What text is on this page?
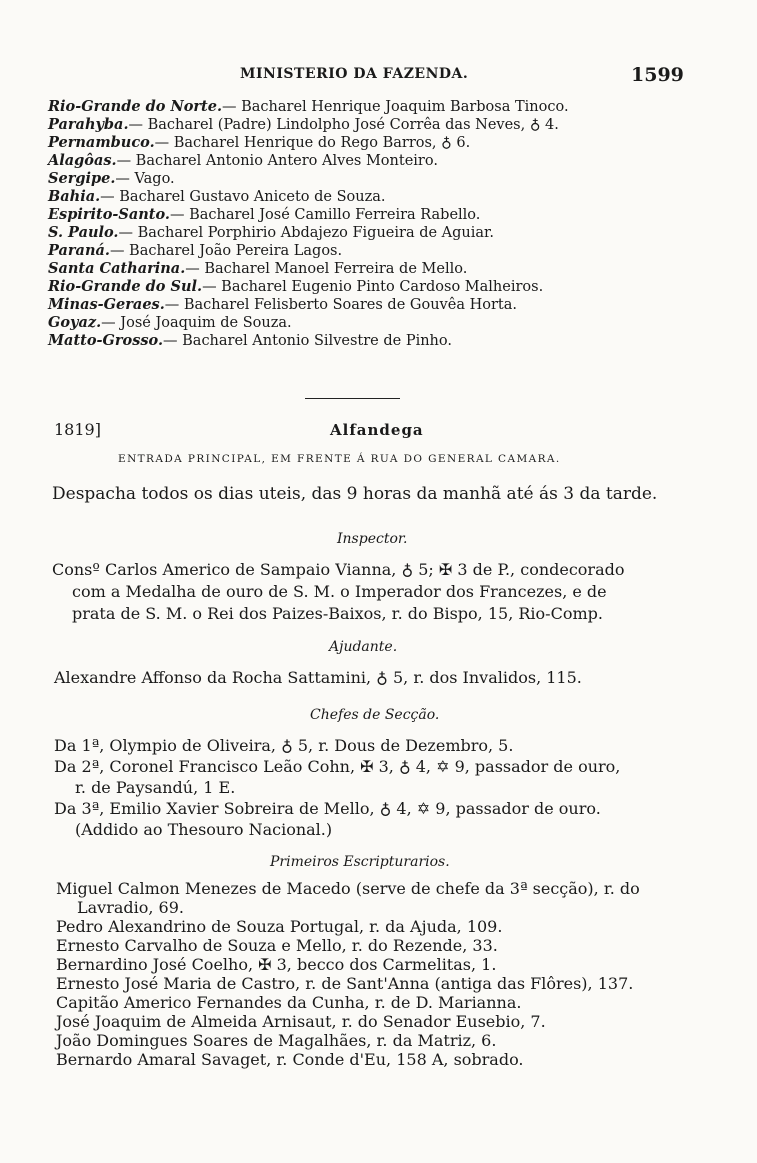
MINISTERIO DA FAZENDA.	1599
Rio-Grande do Norte.— Bacharel Henrique Joaquim Barbosa Tinoco.
Parahyba.— Bacharel (Padre) Lindolpho José Corrêa das Neves, ♁ 4.
Pernambuco.— Bacharel Henrique do Rego Barros, ♁ 6.
Alagôas.— Bacharel Antonio Antero Alves Monteiro.
Sergipe.— Vago.
Bahia.— Bacharel Gustavo Aniceto de Souza.
Espirito-Santo.— Bacharel José Camillo Ferreira Rabello.
S. Paulo.— Bacharel Porphirio Abdajezo Figueira de Aguiar.
Paraná.— Bacharel João Pereira Lagos.
Santa Catharina.— Bacharel Manoel Ferreira de Mello.
Rio-Grande do Sul.— Bacharel Eugenio Pinto Cardoso Malheiros.
Minas-Geraes.— Bacharel Felisberto Soares de Gouvêa Horta.
Goyaz.— José Joaquim de Souza.
Matto-Grosso.— Bacharel Antonio Silvestre de Pinho.
1819]	Alfandega
ENTRADA PRINCIPAL, EM FRENTE Á RUA DO GENERAL CAMARA.
Despacha todos os dias uteis, das 9 horas da manhã até ás 3 da tarde.
Inspector.
Consº Carlos Americo de Sampaio Vianna, ♁ 5; ✠ 3 de P., condecorado
com a Medalha de ouro de S. M. o Imperador dos Francezes, e de
prata de S. M. o Rei dos Paizes-Baixos, r. do Bispo, 15, Rio-Comp.
Ajudante.
Alexandre Affonso da Rocha Sattamini, ♁ 5, r. dos Invalidos, 115.
Chefes de Secção.
Da 1ª, Olympio de Oliveira, ♁ 5, r. Dous de Dezembro, 5.
Da 2ª, Coronel Francisco Leão Cohn, ✠ 3, ♁ 4, ✡ 9, passador de ouro,
r. de Paysandú, 1 E.
Da 3ª, Emilio Xavier Sobreira de Mello, ♁ 4, ✡ 9, passador de ouro.
(Addido ao Thesouro Nacional.)
Primeiros Escripturarios.
Miguel Calmon Menezes de Macedo (serve de chefe da 3ª secção), r. do
Lavradio, 69.
Pedro Alexandrino de Souza Portugal, r. da Ajuda, 109.
Ernesto Carvalho de Souza e Mello, r. do Rezende, 33.
Bernardino José Coelho, ✠ 3, becco dos Carmelitas, 1.
Ernesto José Maria de Castro, r. de Sant'Anna (antiga das Flôres), 137.
Capitão Americo Fernandes da Cunha, r. de D. Marianna.
José Joaquim de Almeida Arnisaut, r. do Senador Eusebio, 7.
João Domingues Soares de Magalhães, r. da Matriz, 6.
Bernardo Amaral Savaget, r. Conde d'Eu, 158 A, sobrado.
